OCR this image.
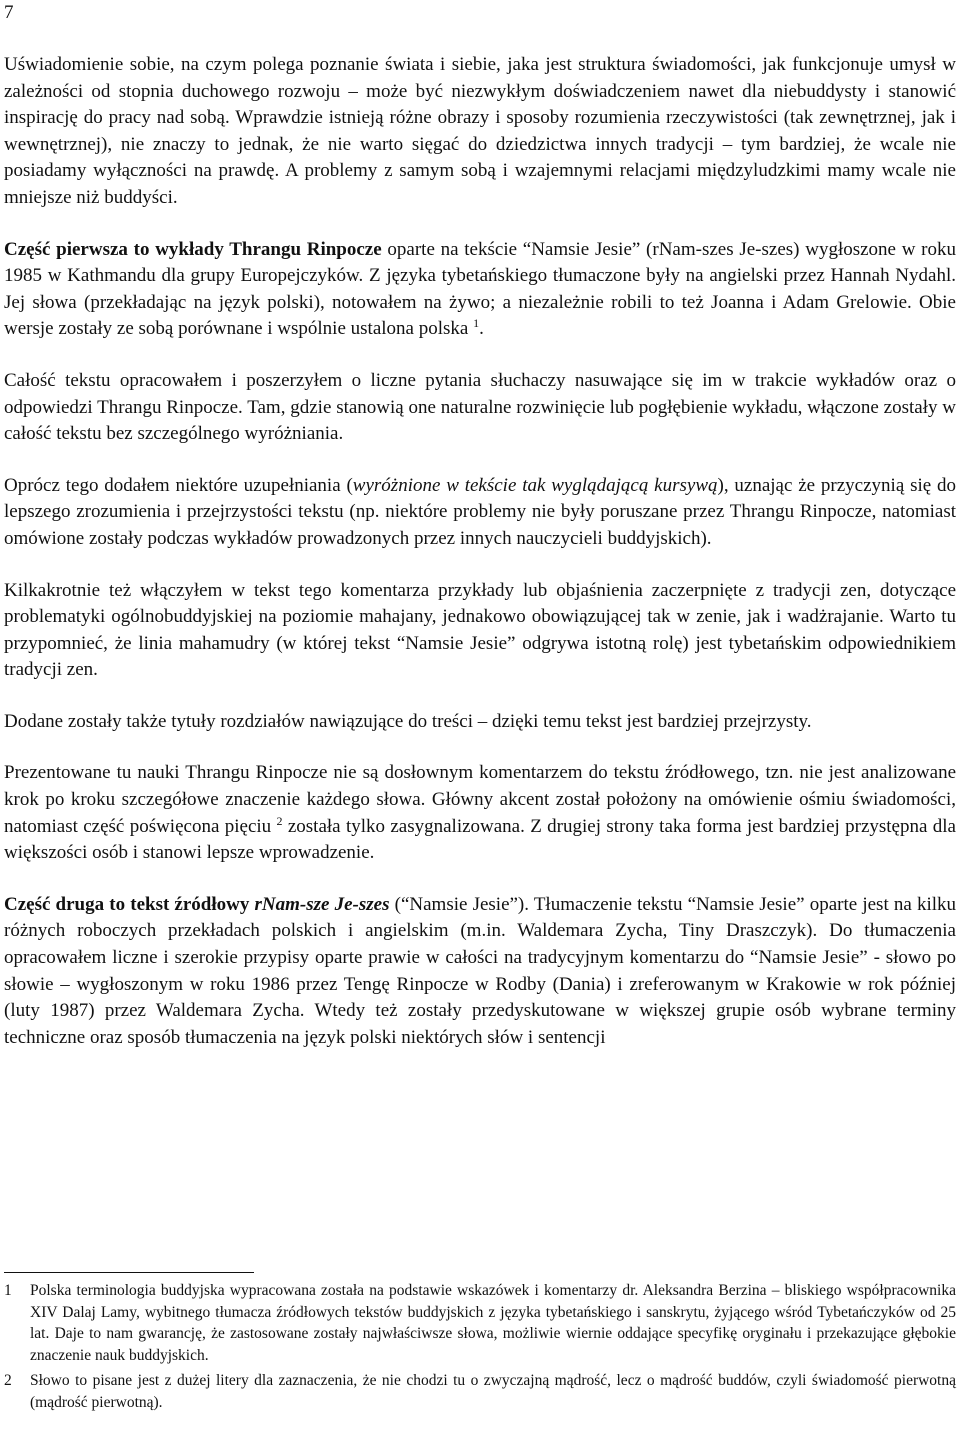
7

Uświadomienie sobie, na czym polega poznanie świata i siebie, jaka jest struktura świadomości, jak funkcjonuje umysł w zależności od stopnia duchowego rozwoju – może być niezwykłym doświadczeniem nawet dla niebuddysty i stanowić inspirację do pracy nad sobą. Wprawdzie istnieją różne obrazy i sposoby rozumienia rzeczywistości (tak zewnętrznej, jak i wewnętrznej), nie znaczy to jednak, że nie warto sięgać do dziedzictwa innych tradycji – tym bardziej, że wcale nie posiadamy wyłączności na prawdę. A problemy z samym sobą i wzajemnymi relacjami międzyludzkimi mamy wcale nie mniejsze niż buddyści.

Część pierwsza to wykłady Thrangu Rinpocze oparte na tekście “Namsie Jesie” (rNam-szes Je-szes) wygłoszone w roku 1985 w Kathmandu dla grupy Europejczyków. Z języka tybetańskiego tłumaczone były na angielski przez Hannah Nydahl. Jej słowa (przekładając na język polski), notowałem na żywo; a niezależnie robili to też Joanna i Adam Grelowie. Obie wersje zostały ze sobą porównane i wspólnie ustalona polska $^1$.

Całość tekstu opracowałem i poszerzyłem o liczne pytania słuchaczy nasuwające się im w trakcie wykładów oraz o odpowiedzi Thrangu Rinpocze. Tam, gdzie stanowią one naturalne rozwinięcie lub pogłębienie wykładu, włączone zostały w całość tekstu bez szczególnego wyróżniania.

Oprócz tego dodałem niektóre uzupełniania (wyróżnione w tekście tak wyglądającą kursywą), uznając że przyczynią się do lepszego zrozumienia i przejrzystości tekstu (np. niektóre problemy nie były poruszane przez Thrangu Rinpocze, natomiast omówione zostały podczas wykładów prowadzonych przez innych nauczycieli buddyjskich).

Kilkakrotnie też włączyłem w tekst tego komentarza przykłady lub objaśnienia zaczerpnięte z tradycji zen, dotyczące problematyki ogólnobuddyjskiej na poziomie mahajany, jednakowo obowiązującej tak w zenie, jak i wadżrajanie. Warto tu przypomnieć, że linia mahamudry (w której tekst “Namsie Jesie” odgrywa istotną rolę) jest tybetańskim odpowiednikiem tradycji zen.

Dodane zostały także tytuły rozdziałów nawiązujące do treści – dzięki temu tekst jest bardziej przejrzysty.

Prezentowane tu nauki Thrangu Rinpocze nie są dosłownym komentarzem do tekstu źródłowego, tzn. nie jest analizowane krok po kroku szczegółowe znaczenie każdego słowa. Główny akcent został położony na omówienie ośmiu świadomości, natomiast część poświęcona pięciu $^2$ została tylko zasygnalizowana. Z drugiej strony taka forma jest bardziej przystępna dla większości osób i stanowi lepsze wprowadzenie.

Część druga to tekst źródłowy rNam-sze Je-szes (“Namsie Jesie”). Tłumaczenie tekstu “Namsie Jesie” oparte jest na kilku różnych roboczych przekładach polskich i angielskim (m.in. Waldemara Zycha, Tiny Draszczyk). Do tłumaczenia opracowałem liczne i szerokie przypisy oparte prawie w całości na tradycyjnym komentarzu do “Namsie Jesie” - słowo po słowie – wygłoszonym w roku 1986 przez Tengę Rinpocze w Rodby (Dania) i zreferowanym w Krakowie w rok później (luty 1987) przez Waldemara Zycha. Wtedy też zostały przedyskutowane w większej grupie osób wybrane terminy techniczne oraz sposób tłumaczenia na język polski niektórych słów i sentencji

1 Polska terminologia buddyjska wypracowana została na podstawie wskazówek i komentarzy dr. Aleksandra Berzina – bliskiego współpracownika XIV Dalaj Lamy, wybitnego tłumacza źródłowych tekstów buddyjskich z języka tybetańskiego i sanskrytu, żyjącego wśród Tybetańczyków od 25 lat. Daje to nam gwarancję, że zastosowane zostały najwłaściwsze słowa, możliwie wiernie oddające specyfikę oryginału i przekazujące głębokie znaczenie nauk buddyjskich.

2 Słowo to pisane jest z dużej litery dla zaznaczenia, że nie chodzi tu o zwyczajną mądrość, lecz o mądrość buddów, czyli świadomość pierwotną (mądrość pierwotną).
